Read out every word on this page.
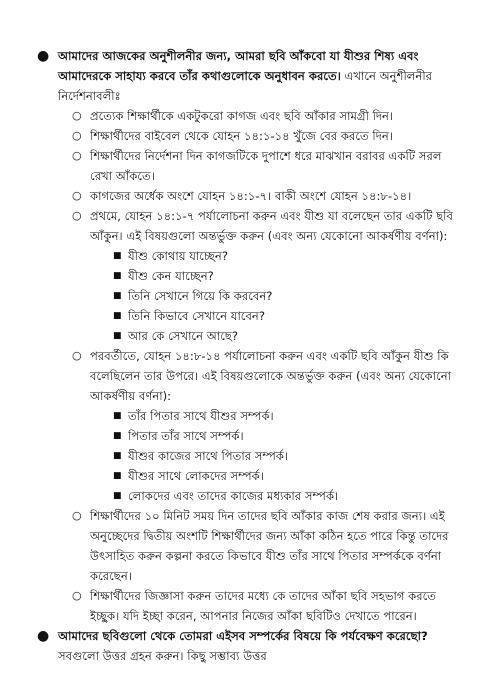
● আমাদের আজকের অনুশীলনীর জন্য, আমরা ছবি আঁকবো যা যীশুর শিষ্য এবং আমাদেরকে সাহায্য করবে তাঁর কথাগুলোকে অনুধাবন করতে। এখানে অনুশীলনীর নির্দেশনাবলীঃ

○ প্রত্যেক শিক্ষার্থীকে একটুকরো কাগজ এবং ছবি আঁকার সামগ্রী দিন।
○ শিক্ষার্থীদের বাইবেল থেকে যোহন ১৪:১-১৪ খুঁজে বের করতে দিন।
○ শিক্ষার্থীদের নির্দেশনা দিন কাগজটিকে দুপাশে ধরে মাঝখান বরাবর একটি সরল রেখা আঁকতে।
○ কাগজের অর্ধেক অংশে যোহন ১৪:১-৭। বাকী অংশে যোহন ১৪:৮-১৪।
○ প্রথমে, যোহন ১৪:১-৭ পর্যালোচনা করুন এবং যীশু যা বলেছেন তার একটি ছবি আঁকুন। এই বিষয়গুলো অন্তর্ভুক্ত করুন (এবং অন্য যেকোনো আকর্ষণীয় বর্ণনা):
■ যীশু কোথায় যাচ্ছেন?
■ যীশু কেন যাচ্ছেন?
■ তিনি সেখানে গিয়ে কি করবেন?
■ তিনি কিভাবে সেখানে যাবেন?
■ আর কে সেখানে আছে?
○ পরবর্তীতে, যোহন ১৪:৮-১৪ পর্যালোচনা করুন এবং একটি ছবি আঁকুন যীশু কি বলেছিলেন তার উপরে। এই বিষয়গুলোকে অন্তর্ভুক্ত করুন (এবং অন্য যেকোনো আকর্ষণীয় বর্ণনা):
■ তাঁর পিতার সাথে যীশুর সম্পর্ক।
■ পিতার তাঁর সাথে সম্পর্ক।
■ যীশুর কাজের সাথে পিতার সম্পর্ক।
■ যীশুর সাথে লোকদের সম্পর্ক।
■ লোকদের এবং তাদের কাজের মধ্যকার সম্পর্ক।
○ শিক্ষার্থীদের ১০ মিনিট সময় দিন তাদের ছবি আঁকার কাজ শেষ করার জন্য। এই অনুচ্ছেদের দ্বিতীয় অংশটি শিক্ষার্থীদের জন্য আঁকা কঠিন হতে পারে কিন্তু তাদের উৎসাহিত করুন কল্পনা করতে কিভাবে যীশু তাঁর সাথে পিতার সম্পর্ককে বর্ণনা করেছেন।
○ শিক্ষার্থীদের জিজ্ঞাসা করুন তাদের মধ্যে কে তাদের আঁকা ছবি সহভাগ করতে ইচ্ছুক। যদি ইচ্ছা করেন, আপনার নিজের আঁকা ছবিটিও দেখাতে পারেন।

● আমাদের ছবিগুলো থেকে তোমরা এইসব সম্পর্কের বিষয়ে কি পর্যবেক্ষণ করেছো? সবগুলো উত্তর গ্রহন করুন। কিছু সম্ভাব্য উত্তর
